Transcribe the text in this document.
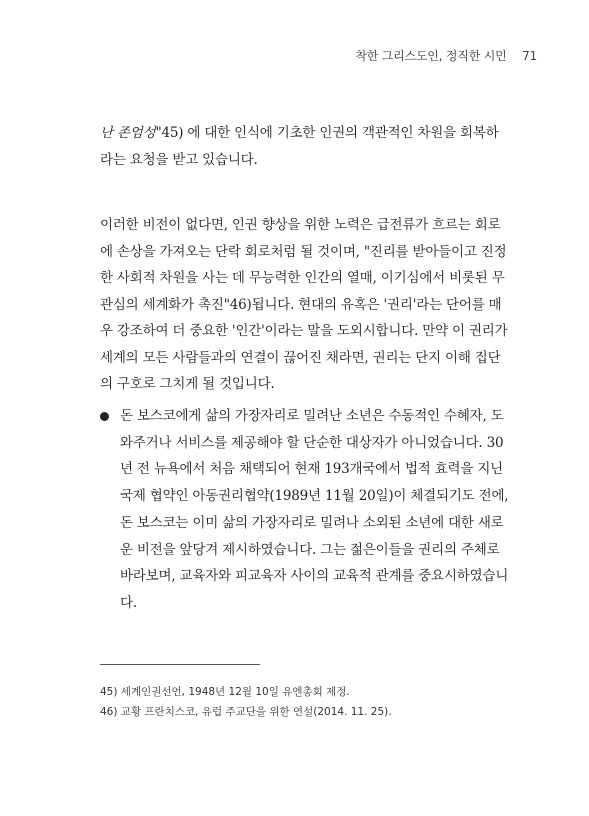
착한 그리스도인, 정직한 시민 71
난 존엄성"45) 에 대한 인식에 기초한 인권의 객관적인 차원을 회복하라는 요청을 받고 있습니다.
이러한 비전이 없다면, 인권 향상을 위한 노력은 급전류가 흐르는 회로에 손상을 가져오는 단락 회로처럼 될 것이며, "진리를 받아들이고 진정한 사회적 차원을 사는 데 무능력한 인간의 열매, 이기심에서 비롯된 무관심의 세계화가 촉진"46)됩니다. 현대의 유혹은 '권리'라는 단어를 매우 강조하여 더 중요한 '인간'이라는 말을 도외시합니다. 만약 이 권리가 세계의 모든 사람들과의 연결이 끊어진 채라면, 권리는 단지 이해 집단의 구호로 그치게 될 것입니다.
돈 보스코에게 삶의 가장자리로 밀려난 소년은 수동적인 수혜자, 도와주거나 서비스를 제공해야 할 단순한 대상자가 아니었습니다. 30년 전 뉴욕에서 처음 채택되어 현재 193개국에서 법적 효력을 지닌 국제 협약인 아동권리협약(1989년 11월 20일)이 체결되기도 전에, 돈 보스코는 이미 삶의 가장자리로 밀려나 소외된 소년에 대한 새로운 비전을 앞당겨 제시하였습니다. 그는 젊은이들을 권리의 주체로 바라보며, 교육자와 피교육자 사이의 교육적 관계를 중요시하였습니다.
45) 세계인권선언, 1948년 12월 10일 유엔총회 제정.
46) 교황 프란치스코, 유럽 주교단을 위한 연설(2014. 11. 25).
